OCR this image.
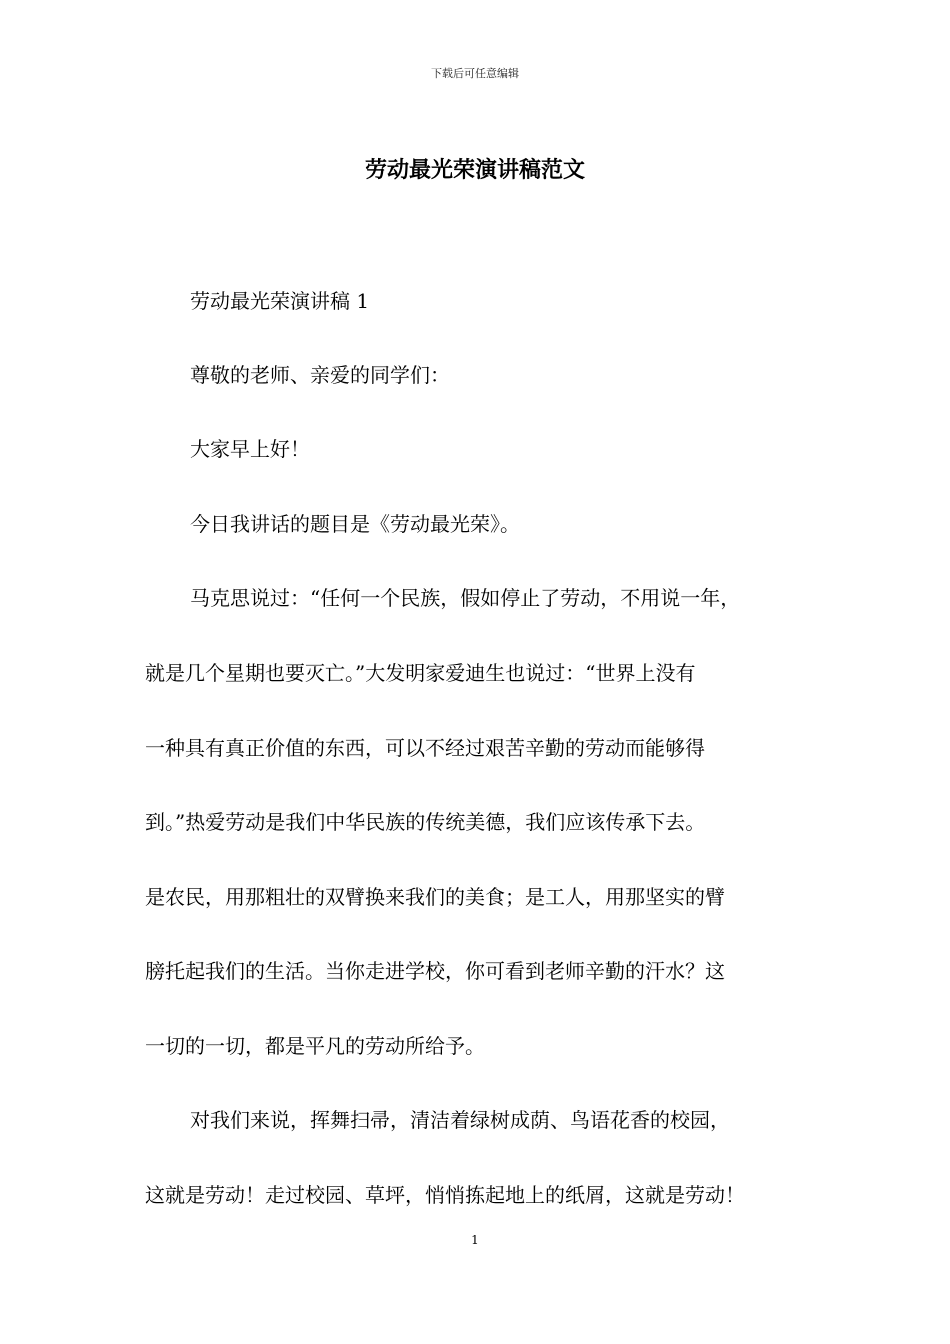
下载后可任意编辑
劳动最光荣演讲稿范文

劳动最光荣演讲稿 1

尊敬的老师、亲爱的同学们：

大家早上好！

今日我讲话的题目是《劳动最光荣》。

马克思说过：“任何一个民族，假如停止了劳动，不用说一年，

就是几个星期也要灭亡。”大发明家爱迪生也说过：“世界上没有

一种具有真正价值的东西，可以不经过艰苦辛勤的劳动而能够得

到。”热爱劳动是我们中华民族的传统美德，我们应该传承下去。

是农民，用那粗壮的双臂换来我们的美食；是工人，用那坚实的臂

膀托起我们的生活。当你走进学校，你可看到老师辛勤的汗水？这

一切的一切，都是平凡的劳动所给予。

对我们来说，挥舞扫帚，清洁着绿树成荫、鸟语花香的校园，

这就是劳动！走过校园、草坪，悄悄拣起地上的纸屑，这就是劳动！

1
